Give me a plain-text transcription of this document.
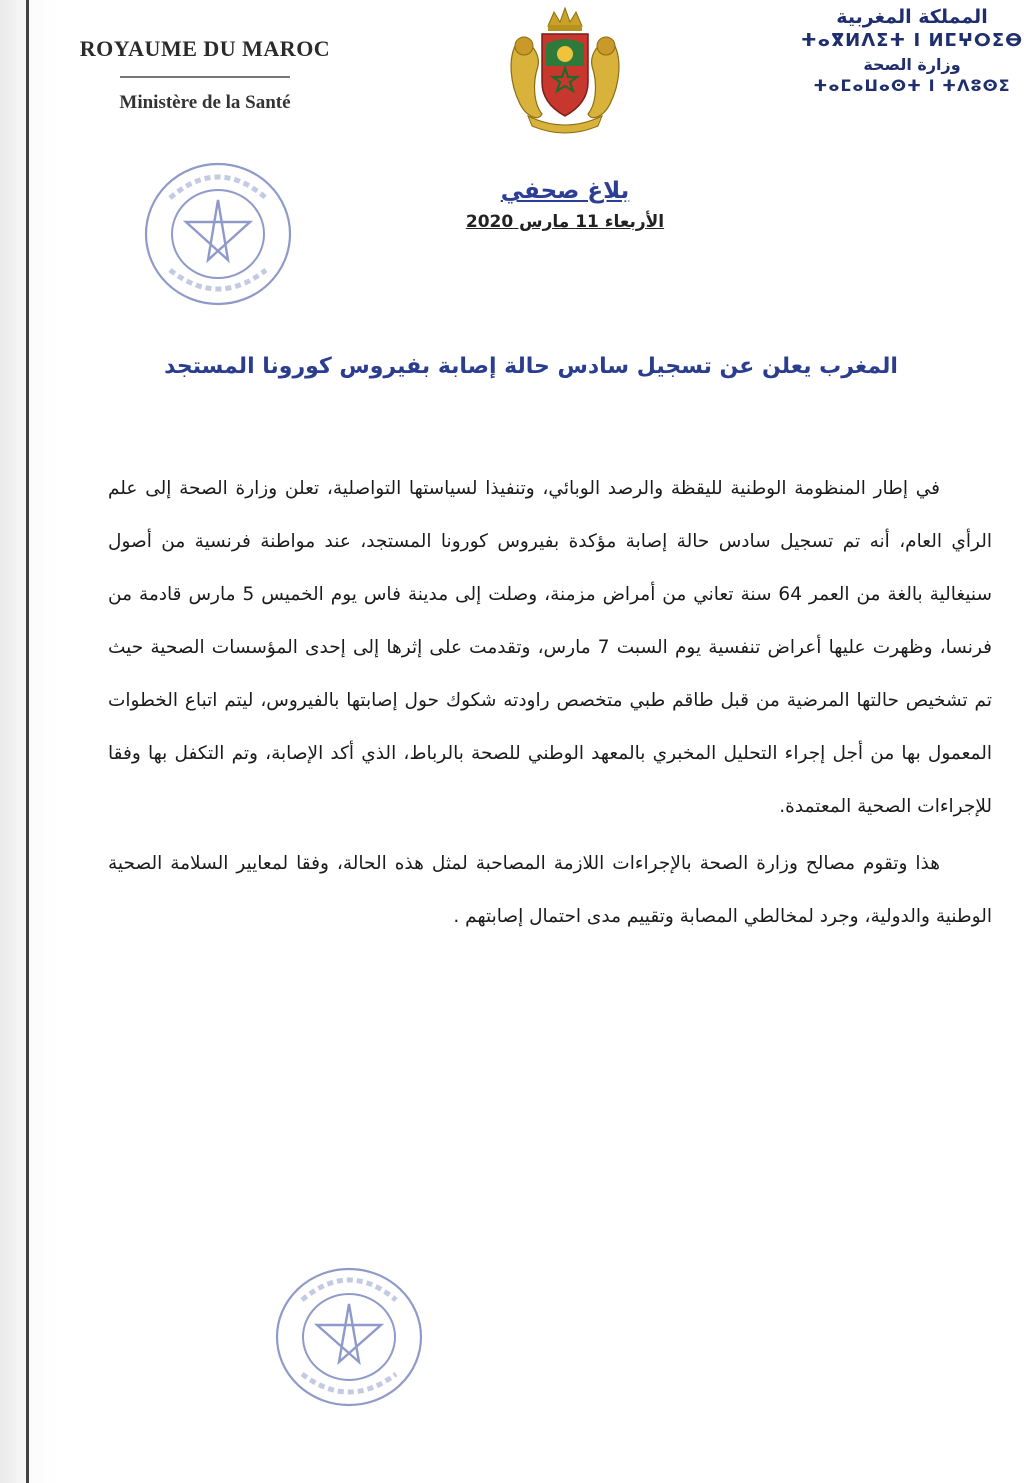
ROYAUME DU MAROC
Ministère de la Santé
المملكة المغربية
ⵜⴰⴳⵍⴷⵉⵜ ⵏ ⵍⵎⵖⵔⵉⴱ
وزارة الصحة
ⵜⴰⵎⴰⵡⴰⵙⵜ ⵏ ⵜⴷⵓⵙⵉ
بلاغ صحفي
الأربعاء 11 مارس 2020
المغرب يعلن عن تسجيل سادس حالة إصابة بفيروس كورونا المستجد

في إطار المنظومة الوطنية لليقظة والرصد الوبائي، وتنفيذا لسياستها التواصلية، تعلن وزارة الصحة إلى علم الرأي العام، أنه تم تسجيل سادس حالة إصابة مؤكدة بفيروس كورونا المستجد، عند مواطنة فرنسية من أصول سنيغالية بالغة من العمر 64 سنة تعاني من أمراض مزمنة، وصلت إلى مدينة فاس يوم الخميس 5 مارس قادمة من فرنسا، وظهرت عليها أعراض تنفسية يوم السبت 7 مارس، وتقدمت على إثرها إلى إحدى المؤسسات الصحية حيث تم تشخيص حالتها المرضية من قبل طاقم طبي متخصص راودته شكوك حول إصابتها بالفيروس، ليتم اتباع الخطوات المعمول بها من أجل إجراء التحليل المخبري بالمعهد الوطني للصحة بالرباط، الذي أكد الإصابة، وتم التكفل بها وفقا للإجراءات الصحية المعتمدة.

هذا وتقوم مصالح وزارة الصحة بالإجراءات اللازمة المصاحبة لمثل هذه الحالة، وفقا لمعايير السلامة الصحية الوطنية والدولية، وجرد لمخالطي المصابة وتقييم مدى احتمال إصابتهم .
